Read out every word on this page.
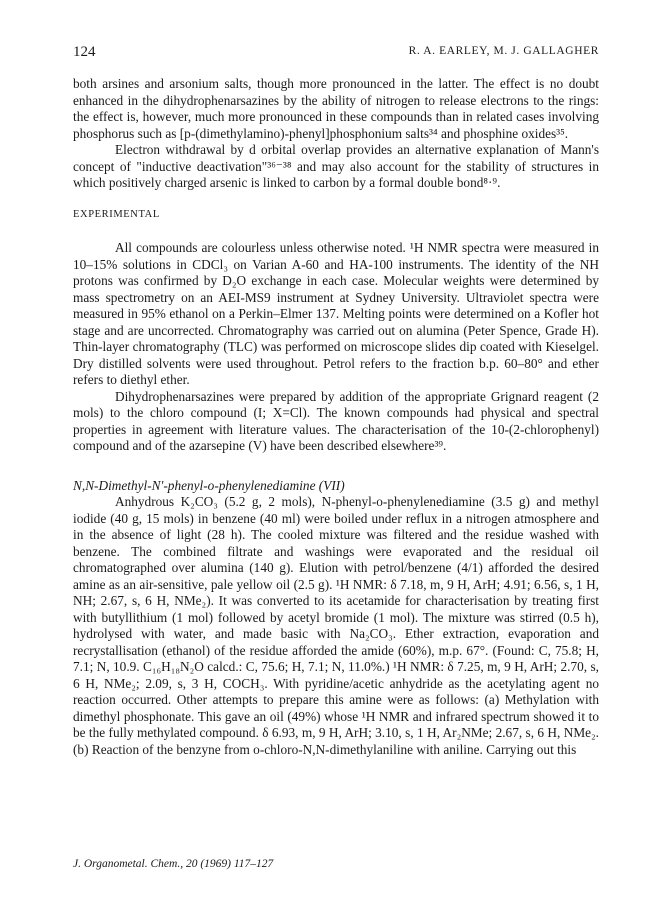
124	R. A. EARLEY, M. J. GALLAGHER

both arsines and arsonium salts, though more pronounced in the latter. The effect is no doubt enhanced in the dihydrophenarsazines by the ability of nitrogen to release electrons to the rings: the effect is, however, much more pronounced in these compounds than in related cases involving phosphorus such as [p-(dimethylamino)-phenyl]phosphonium salts³⁴ and phosphine oxides³⁵.

Electron withdrawal by d orbital overlap provides an alternative explanation of Mann's concept of "inductive deactivation"³⁶⁻³⁸ and may also account for the stability of structures in which positively charged arsenic is linked to carbon by a formal double bond⁸·⁹.

EXPERIMENTAL

All compounds are colourless unless otherwise noted. ¹H NMR spectra were measured in 10–15% solutions in CDCl₃ on Varian A-60 and HA-100 instruments. The identity of the NH protons was confirmed by D₂O exchange in each case. Molecular weights were determined by mass spectrometry on an AEI-MS9 instrument at Sydney University. Ultraviolet spectra were measured in 95% ethanol on a Perkin–Elmer 137. Melting points were determined on a Kofler hot stage and are uncorrected. Chromatography was carried out on alumina (Peter Spence, Grade H). Thin-layer chromatography (TLC) was performed on microscope slides dip coated with Kieselgel. Dry distilled solvents were used throughout. Petrol refers to the fraction b.p. 60–80° and ether refers to diethyl ether.

Dihydrophenarsazines were prepared by addition of the appropriate Grignard reagent (2 mols) to the chloro compound (I; X=Cl). The known compounds had physical and spectral properties in agreement with literature values. The characterisation of the 10-(2-chlorophenyl) compound and of the azarsepine (V) have been described elsewhere³⁹.

N,N-Dimethyl-N'-phenyl-o-phenylenediamine (VII)

Anhydrous K₂CO₃ (5.2 g, 2 mols), N-phenyl-o-phenylenediamine (3.5 g) and methyl iodide (40 g, 15 mols) in benzene (40 ml) were boiled under reflux in a nitrogen atmosphere and in the absence of light (28 h). The cooled mixture was filtered and the residue washed with benzene. The combined filtrate and washings were evaporated and the residual oil chromatographed over alumina (140 g). Elution with petrol/benzene (4/1) afforded the desired amine as an air-sensitive, pale yellow oil (2.5 g). ¹H NMR: δ 7.18, m, 9 H, ArH; 4.91; 6.56, s, 1 H, NH; 2.67, s, 6 H, NMe₂). It was converted to its acetamide for characterisation by treating first with butyllithium (1 mol) followed by acetyl bromide (1 mol). The mixture was stirred (0.5 h), hydrolysed with water, and made basic with Na₂CO₃. Ether extraction, evaporation and recrystallisation (ethanol) of the residue afforded the amide (60%), m.p. 67°. (Found: C, 75.8; H, 7.1; N, 10.9. C₁₆H₁₈N₂O calcd.: C, 75.6; H, 7.1; N, 11.0%.) ¹H NMR: δ 7.25, m, 9 H, ArH; 2.70, s, 6 H, NMe₂; 2.09, s, 3 H, COCH₃. With pyridine/acetic anhydride as the acetylating agent no reaction occurred. Other attempts to prepare this amine were as follows: (a) Methylation with dimethyl phosphonate. This gave an oil (49%) whose ¹H NMR and infrared spectrum showed it to be the fully methylated compound. δ 6.93, m, 9 H, ArH; 3.10, s, 1 H, Ar₂NMe; 2.67, s, 6 H, NMe₂. (b) Reaction of the benzyne from o-chloro-N,N-dimethylaniline with aniline. Carrying out this

J. Organometal. Chem., 20 (1969) 117–127
